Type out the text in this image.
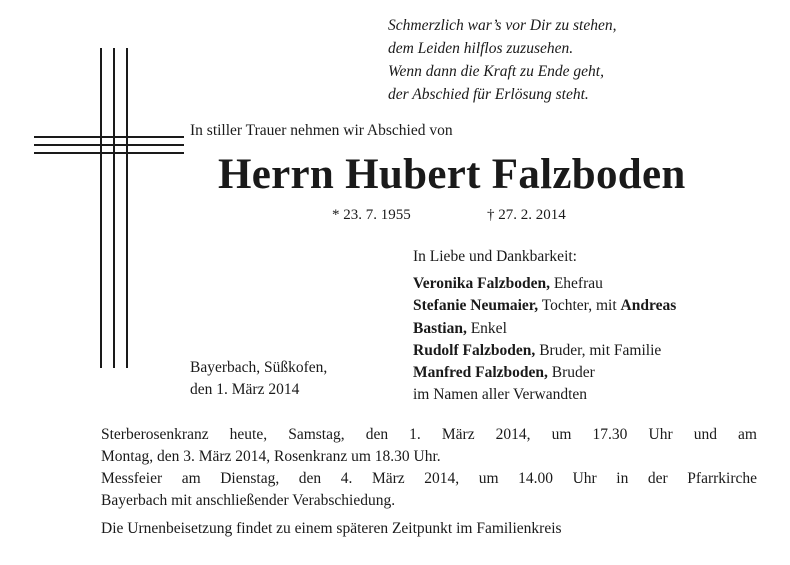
Schmerzlich war’s vor Dir zu stehen,
dem Leiden hilflos zuzusehen.
Wenn dann die Kraft zu Ende geht,
der Abschied für Erlösung steht.
In stiller Trauer nehmen wir Abschied von
Herrn Hubert Falzboden
* 23. 7. 1955	† 27. 2. 2014
In Liebe und Dankbarkeit:
Veronika Falzboden, Ehefrau
Stefanie Neumaier, Tochter, mit Andreas
Bastian, Enkel
Rudolf Falzboden, Bruder, mit Familie
Manfred Falzboden, Bruder
im Namen aller Verwandten
Bayerbach, Süßkofen,
den 1. März 2014

Sterberosenkranz heute, Samstag, den 1. März 2014, um 17.30 Uhr und am

Montag, den 3. März 2014, Rosenkranz um 18.30 Uhr.

Messfeier am Dienstag, den 4. März 2014, um 14.00 Uhr in der Pfarrkirche

Bayerbach mit anschließender Verabschiedung.

Die Urnenbeisetzung findet zu einem späteren Zeitpunkt im Familienkreis
